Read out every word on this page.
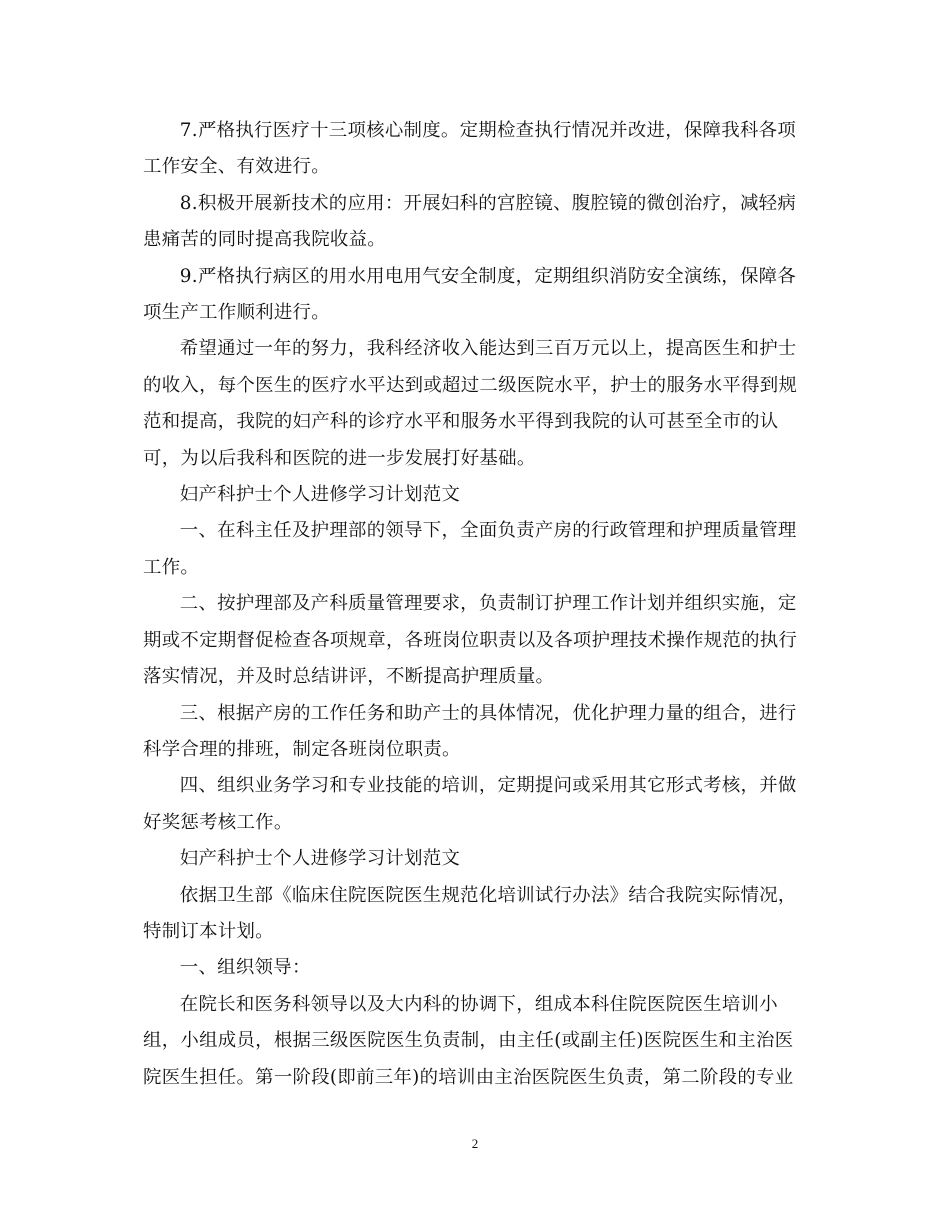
7.严格执行医疗十三项核心制度。定期检查执行情况并改进，保障我科各项
工作安全、有效进行。

8.积极开展新技术的应用：开展妇科的宫腔镜、腹腔镜的微创治疗，减轻病
患痛苦的同时提高我院收益。

9.严格执行病区的用水用电用气安全制度，定期组织消防安全演练，保障各
项生产工作顺利进行。

希望通过一年的努力，我科经济收入能达到三百万元以上，提高医生和护士
的收入，每个医生的医疗水平达到或超过二级医院水平，护士的服务水平得到规
范和提高，我院的妇产科的诊疗水平和服务水平得到我院的认可甚至全市的认
可，为以后我科和医院的进一步发展打好基础。

妇产科护士个人进修学习计划范文

一、在科主任及护理部的领导下，全面负责产房的行政管理和护理质量管理
工作。

二、按护理部及产科质量管理要求，负责制订护理工作计划并组织实施，定
期或不定期督促检查各项规章，各班岗位职责以及各项护理技术操作规范的执行
落实情况，并及时总结讲评，不断提高护理质量。

三、根据产房的工作任务和助产士的具体情况，优化护理力量的组合，进行
科学合理的排班，制定各班岗位职责。

四、组织业务学习和专业技能的培训，定期提问或采用其它形式考核，并做
好奖惩考核工作。

妇产科护士个人进修学习计划范文

依据卫生部《临床住院医院医生规范化培训试行办法》结合我院实际情况，
特制订本计划。

一、组织领导：

在院长和医务科领导以及大内科的协调下，组成本科住院医院医生培训小
组，小组成员，根据三级医院医生负责制，由主任(或副主任)医院医生和主治医
院医生担任。第一阶段(即前三年)的培训由主治医院医生负责，第二阶段的专业

2
